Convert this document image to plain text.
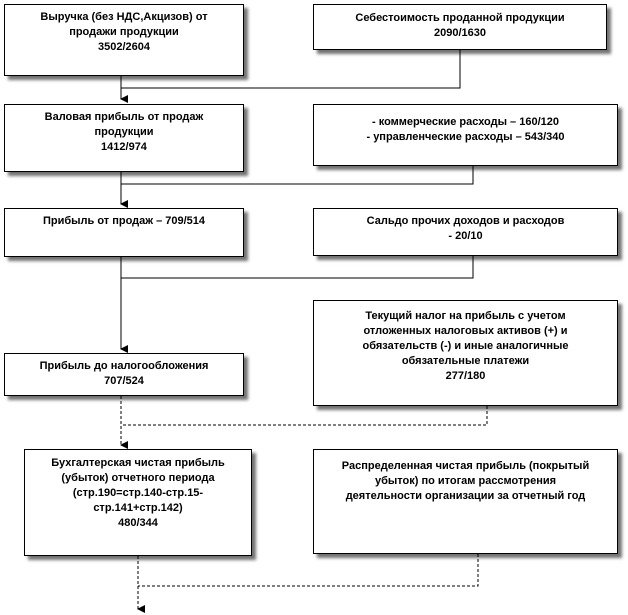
Выручка (без НДС,Акцизов) от
продажи продукции
3502/2604
Себестоимость проданной продукции
2090/1630
Валовая прибыль от продаж
продукции
1412/974
- коммерческие расходы – 160/120
- управленческие расходы – 543/340
Прибыль от продаж – 709/514	Сальдо прочих доходов и расходов
- 20/10
Текущий налог на прибыль с учетом
отложенных налоговых активов (+) и
обязательств (-) и иные аналогичные
обязательные платежи
277/180
Прибыль до налогообложения
707/524
Бухгалтерская чистая прибыль
(убыток) отчетного периода
(стр.190=стр.140-стр.15-
стр.141+стр.142)
480/344
Распределенная чистая прибыль (покрытый
убыток) по итогам рассмотрения
деятельности организации за отчетный год
